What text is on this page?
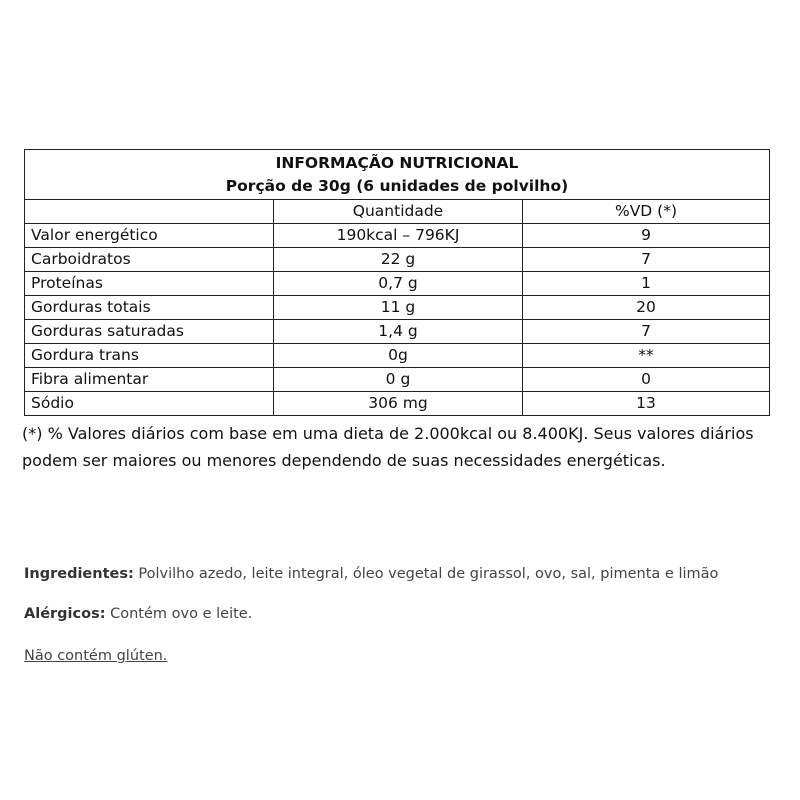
INFORMAÇÃO NUTRICIONAL
Porção de 30g (6 unidades de polvilho)		

	Quantidade	%VD (*)
Valor energético	190kcal – 796KJ	9
Carboidratos	22 g	7
Proteínas	0,7 g	1
Gorduras totais	11 g	20
Gorduras saturadas	1,4 g	7
Gordura trans	0g	**
Fibra alimentar	0 g	0
Sódio	306 mg	13

(*) % Valores diários com base em uma dieta de 2.000kcal ou 8.400KJ. Seus valores diários podem ser maiores ou menores dependendo de suas necessidades energéticas.

Ingredientes: Polvilho azedo, leite integral, óleo vegetal de girassol, ovo, sal, pimenta e limão

Alérgicos: Contém ovo e leite.

Não contém glúten.
